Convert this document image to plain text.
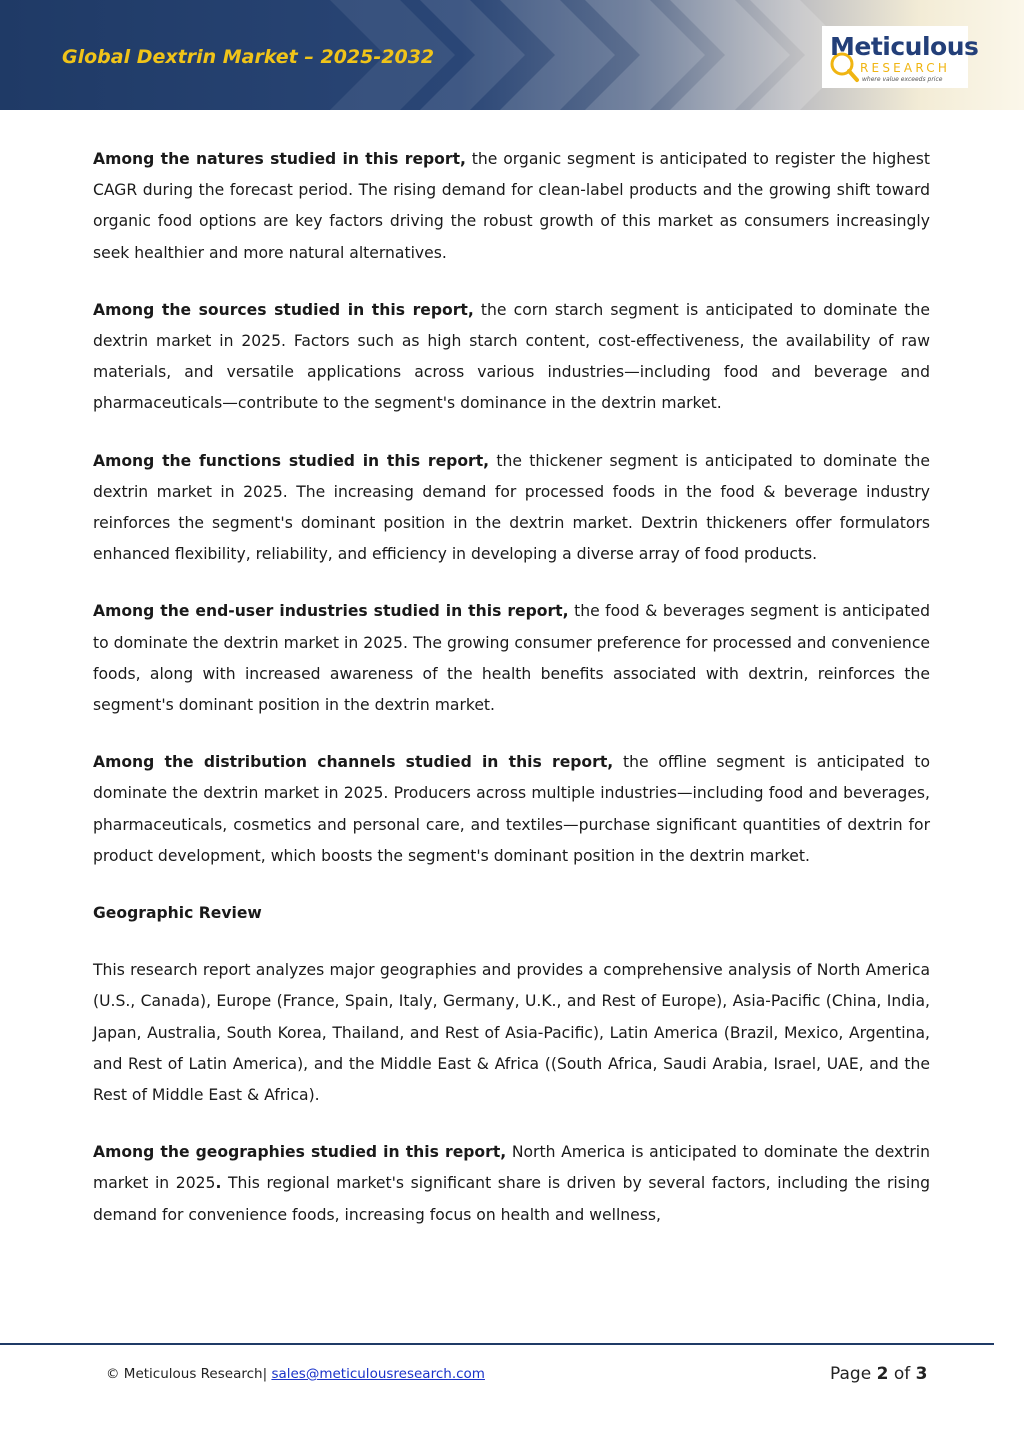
Global Dextrin Market – 2025-2032	Meticulous
RESEARCH
where value exceeds price

Among the natures studied in this report, the organic segment is anticipated to register the highest CAGR during the forecast period. The rising demand for clean-label products and the growing shift toward organic food options are key factors driving the robust growth of this market as consumers increasingly seek healthier and more natural alternatives.

Among the sources studied in this report, the corn starch segment is anticipated to dominate the dextrin market in 2025. Factors such as high starch content, cost-effectiveness, the availability of raw materials, and versatile applications across various industries—including food and beverage and pharmaceuticals—contribute to the segment's dominance in the dextrin market.

Among the functions studied in this report, the thickener segment is anticipated to dominate the dextrin market in 2025. The increasing demand for processed foods in the food & beverage industry reinforces the segment's dominant position in the dextrin market. Dextrin thickeners offer formulators enhanced flexibility, reliability, and efficiency in developing a diverse array of food products.

Among the end-user industries studied in this report, the food & beverages segment is anticipated to dominate the dextrin market in 2025. The growing consumer preference for processed and convenience foods, along with increased awareness of the health benefits associated with dextrin, reinforces the segment's dominant position in the dextrin market.

Among the distribution channels studied in this report, the offline segment is anticipated to dominate the dextrin market in 2025. Producers across multiple industries—including food and beverages, pharmaceuticals, cosmetics and personal care, and textiles—purchase significant quantities of dextrin for product development, which boosts the segment's dominant position in the dextrin market.

Geographic Review

This research report analyzes major geographies and provides a comprehensive analysis of North America (U.S., Canada), Europe (France, Spain, Italy, Germany, U.K., and Rest of Europe), Asia-Pacific (China, India, Japan, Australia, South Korea, Thailand, and Rest of Asia-Pacific), Latin America (Brazil, Mexico, Argentina, and Rest of Latin America), and the Middle East & Africa ((South Africa, Saudi Arabia, Israel, UAE, and the Rest of Middle East & Africa).

Among the geographies studied in this report, North America is anticipated to dominate the dextrin market in 2025. This regional market's significant share is driven by several factors, including the rising demand for convenience foods, increasing focus on health and wellness,

© Meticulous Research| sales@meticulousresearch.com	Page 2 of 3
